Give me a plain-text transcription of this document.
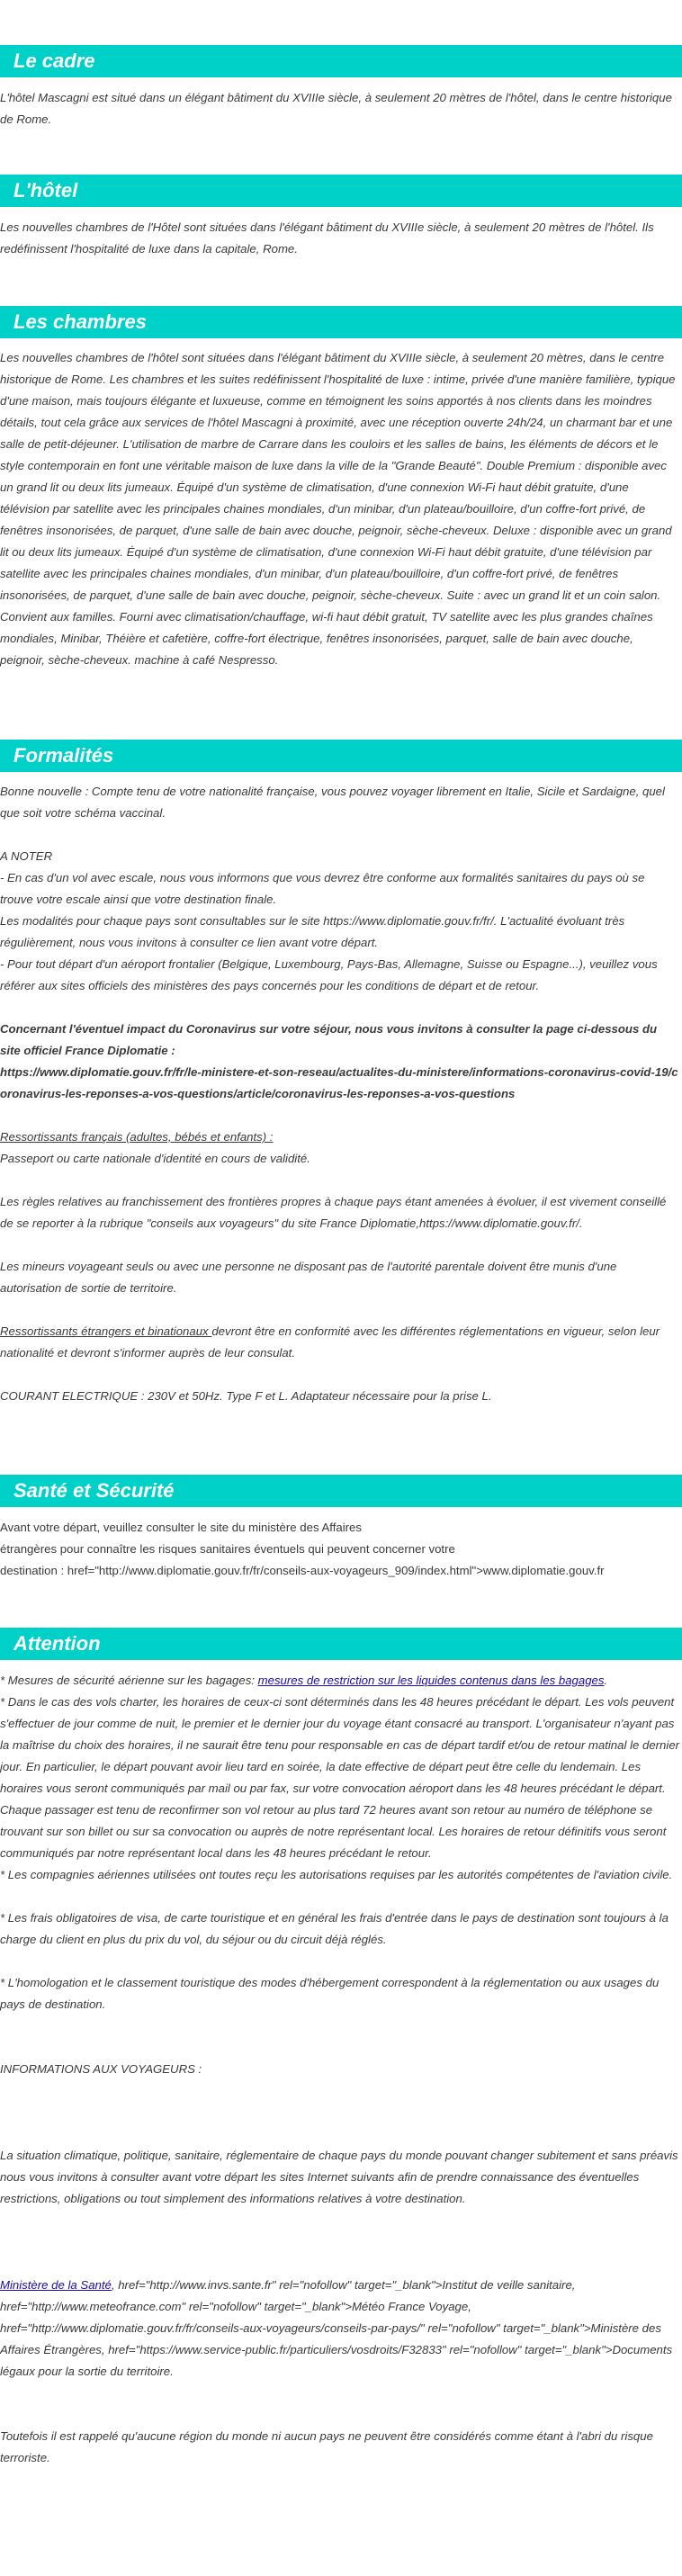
Le cadre
L'hôtel Mascagni est situé dans un élégant bâtiment du XVIIIe siècle, à seulement 20 mètres de l'hôtel, dans le centre historique de Rome.
L'hôtel
Les nouvelles chambres de l'Hôtel sont situées dans l'élégant bâtiment du XVIIIe siècle, à seulement 20 mètres de l'hôtel. Ils redéfinissent l'hospitalité de luxe dans la capitale, Rome.
Les chambres
Les nouvelles chambres de l'hôtel sont situées dans l'élégant bâtiment du XVIIIe siècle, à seulement 20 mètres, dans le centre historique de Rome. Les chambres et les suites redéfinissent l'hospitalité de luxe : intime, privée d'une manière familière, typique d'une maison, mais toujours élégante et luxueuse, comme en témoignent les soins apportés à nos clients dans les moindres détails, tout cela grâce aux services de l'hôtel Mascagni à proximité, avec une réception ouverte 24h/24, un charmant bar et une salle de petit-déjeuner. L'utilisation de marbre de Carrare dans les couloirs et les salles de bains, les éléments de décors et le style contemporain en font une véritable maison de luxe dans la ville de la "Grande Beauté". Double Premium : disponible avec un grand lit ou deux lits jumeaux. Équipé d'un système de climatisation, d'une connexion Wi-Fi haut débit gratuite, d'une télévision par satellite avec les principales chaines mondiales, d'un minibar, d'un plateau/bouilloire, d'un coffre-fort privé, de fenêtres insonorisées, de parquet, d'une salle de bain avec douche, peignoir, sèche-cheveux. Deluxe : disponible avec un grand lit ou deux lits jumeaux. Équipé d'un système de climatisation, d'une connexion Wi-Fi haut débit gratuite, d'une télévision par satellite avec les principales chaines mondiales, d'un minibar, d'un plateau/bouilloire, d'un coffre-fort privé, de fenêtres insonorisées, de parquet, d'une salle de bain avec douche, peignoir, sèche-cheveux. Suite : avec un grand lit et un coin salon. Convient aux familles. Fourni avec climatisation/chauffage, wi-fi haut débit gratuit, TV satellite avec les plus grandes chaînes mondiales, Minibar, Théière et cafetière, coffre-fort électrique, fenêtres insonorisées, parquet, salle de bain avec douche, peignoir, sèche-cheveux. machine à café Nespresso.
Formalités

Bonne nouvelle : Compte tenu de votre nationalité française, vous pouvez voyager librement en Italie, Sicile et Sardaigne, quel que soit votre schéma vaccinal.

A NOTER

- En cas d'un vol avec escale, nous vous informons que vous devrez être conforme aux formalités sanitaires du pays où se trouve votre escale ainsi que votre destination finale.

Les modalités pour chaque pays sont consultables sur le site https://www.diplomatie.gouv.fr/fr/. L'actualité évoluant très régulièrement, nous vous invitons à consulter ce lien avant votre départ.

- Pour tout départ d'un aéroport frontalier (Belgique, Luxembourg, Pays-Bas, Allemagne, Suisse ou Espagne...), veuillez vous référer aux sites officiels des ministères des pays concernés pour les conditions de départ et de retour.

Concernant l'éventuel impact du Coronavirus sur votre séjour, nous vous invitons à consulter la page ci-dessous du site officiel France Diplomatie :

https://www.diplomatie.gouv.fr/fr/le-ministere-et-son-reseau/actualites-du-ministere/informations-coronavirus-covid-19/coronavirus-les-reponses-a-vos-questions/article/coronavirus-les-reponses-a-vos-questions

Ressortissants français (adultes, bébés et enfants) :

Passeport ou carte nationale d'identité en cours de validité.

Les règles relatives au franchissement des frontières propres à chaque pays étant amenées à évoluer, il est vivement conseillé de se reporter à la rubrique "conseils aux voyageurs" du site France Diplomatie,https://www.diplomatie.gouv.fr/.

Les mineurs voyageant seuls ou avec une personne ne disposant pas de l'autorité parentale doivent être munis d'une autorisation de sortie de territoire.

Ressortissants étrangers et binationaux devront être en conformité avec les différentes réglementations en vigueur, selon leur nationalité et devront s'informer auprès de leur consulat.

COURANT ELECTRIQUE : 230V et 50Hz. Type F et L. Adaptateur nécessaire pour la prise L.

Santé et Sécurité

Avant votre départ, veuillez consulter le site du ministère des Affaires

étrangères pour connaître les risques sanitaires éventuels qui peuvent concerner votre

destination : href="http://www.diplomatie.gouv.fr/fr/conseils-aux-voyageurs_909/index.html">www.diplomatie.gouv.fr

Attention

* Mesures de sécurité aérienne sur les bagages: mesures de restriction sur les liquides contenus dans les bagages.

* Dans le cas des vols charter, les horaires de ceux-ci sont déterminés dans les 48 heures précédant le départ. Les vols peuvent s'effectuer de jour comme de nuit, le premier et le dernier jour du voyage étant consacré au transport. L'organisateur n'ayant pas la maîtrise du choix des horaires, il ne saurait être tenu pour responsable en cas de départ tardif et/ou de retour matinal le dernier jour. En particulier, le départ pouvant avoir lieu tard en soirée, la date effective de départ peut être celle du lendemain. Les horaires vous seront communiqués par mail ou par fax, sur votre convocation aéroport dans les 48 heures précédant le départ. Chaque passager est tenu de reconfirmer son vol retour au plus tard 72 heures avant son retour au numéro de téléphone se trouvant sur son billet ou sur sa convocation ou auprès de notre représentant local. Les horaires de retour définitifs vous seront communiqués par notre représentant local dans les 48 heures précédant le retour.

* Les compagnies aériennes utilisées ont toutes reçu les autorisations requises par les autorités compétentes de l'aviation civile.

* Les frais obligatoires de visa, de carte touristique et en général les frais d'entrée dans le pays de destination sont toujours à la charge du client en plus du prix du vol, du séjour ou du circuit déjà réglés.

* L'homologation et le classement touristique des modes d'hébergement correspondent à la réglementation ou aux usages du pays de destination.

INFORMATIONS AUX VOYAGEURS :

La situation climatique, politique, sanitaire, réglementaire de chaque pays du monde pouvant changer subitement et sans préavis

nous vous invitons à consulter avant votre départ les sites Internet suivants afin de prendre connaissance des éventuelles restrictions, obligations ou tout simplement des informations relatives à votre destination.

Ministère de la Santé, href="http://www.invs.sante.fr" rel="nofollow" target="_blank">Institut de veille sanitaire, href="http://www.meteofrance.com" rel="nofollow" target="_blank">Météo France Voyage, href="http://www.diplomatie.gouv.fr/fr/conseils-aux-voyageurs/conseils-par-pays/" rel="nofollow" target="_blank">Ministère des Affaires Étrangères, href="https://www.service-public.fr/particuliers/vosdroits/F32833" rel="nofollow" target="_blank">Documents légaux pour la sortie du territoire.

Toutefois il est rappelé qu'aucune région du monde ni aucun pays ne peuvent être considérés comme étant à l'abri du risque terroriste.
